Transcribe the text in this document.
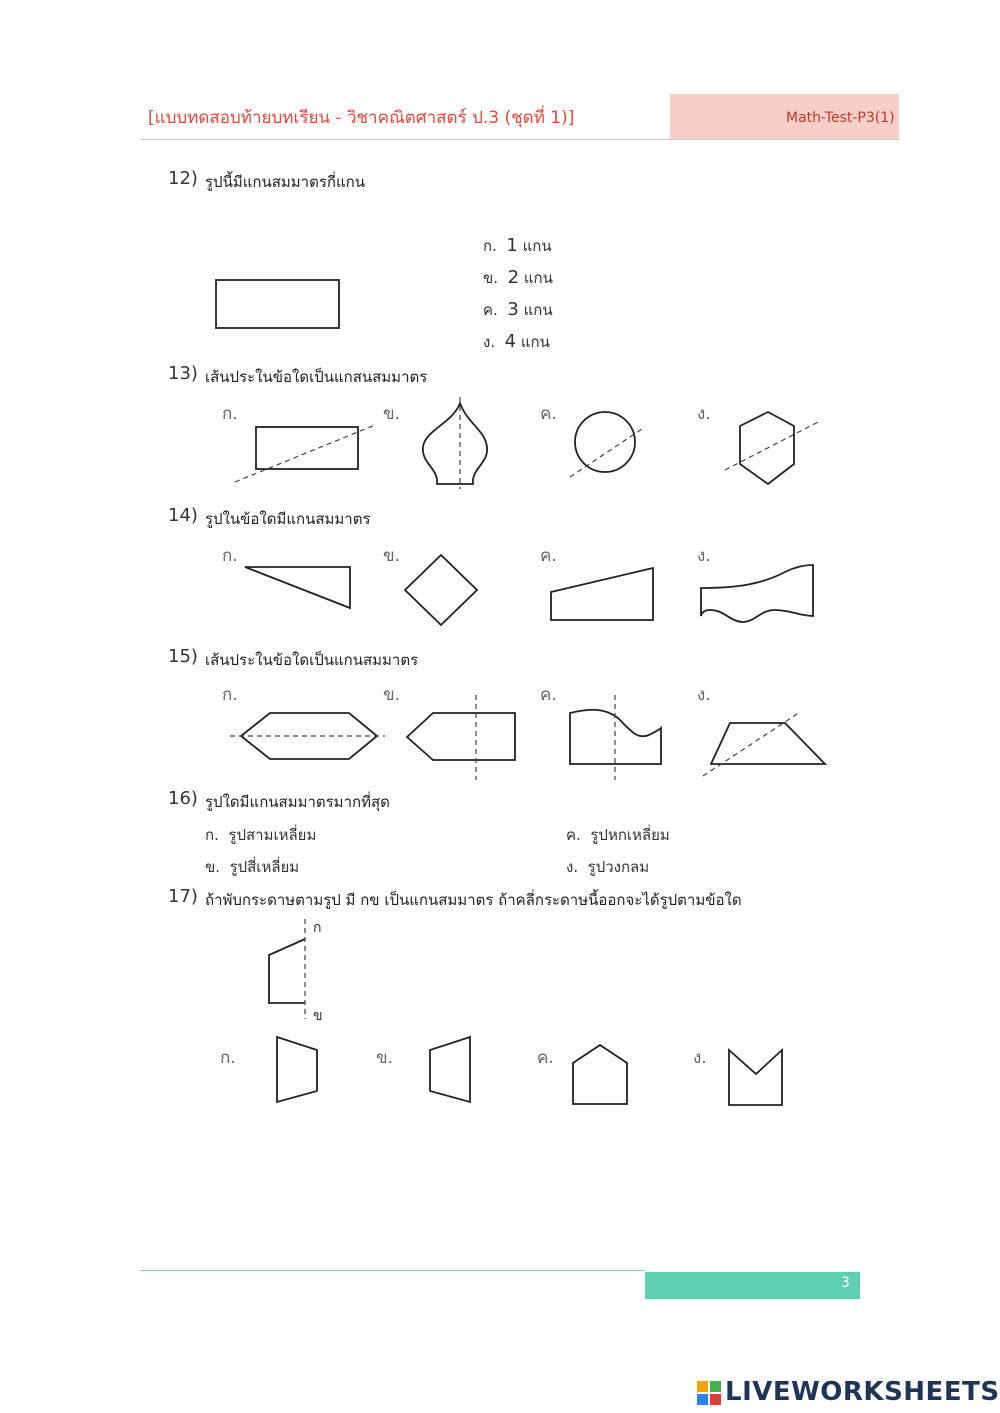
[แบบทดสอบท้ายบทเรียน - วิชาคณิตศาสตร์ ป.3 (ชุดที่ 1)]	Math-Test-P3(1)
12) รูปนี้มีแกนสมมาตรกี่แกน
ก. 1 แกน
ข. 2 แกน
ค. 3 แกน
ง. 4 แกน
13) เส้นประในข้อใดเป็นแกสนสมมาตร
ก.	ข.	ค.	ง.
14) รูปในข้อใดมีแกนสมมาตร
ก.	ข.	ค.	ง.
15) เส้นประในข้อใดเป็นแกนสมมาตร
ก.	ข.	ค.	ง.
16) รูปใดมีแกนสมมาตรมากที่สุด
ก. รูปสามเหลี่ยม	ค. รูปหกเหลี่ยม
ข. รูปสี่เหลี่ยม	ง. รูปวงกลม
17) ถ้าพับกระดาษตามรูป มี กข เป็นแกนสมมาตร ถ้าคลี่กระดาษนี้ออกจะได้รูปตามข้อใด
ก
ข
ก.	ข.	ค.	ง.
3
LIVEWORKSHEETS
